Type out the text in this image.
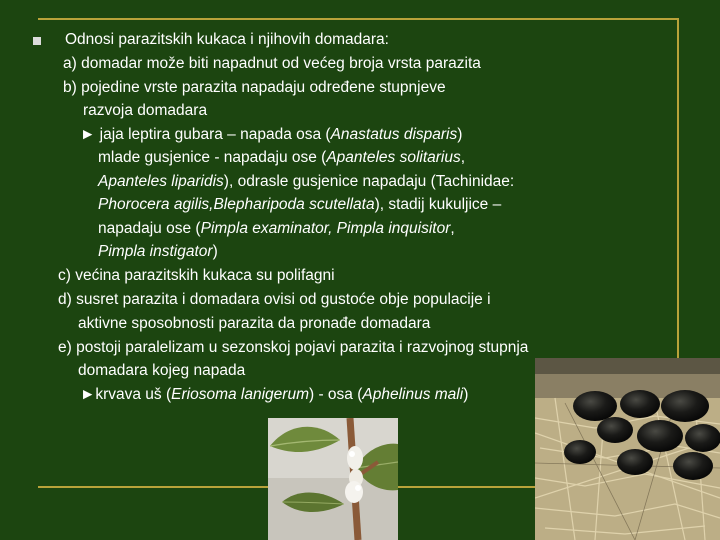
Odnosi parazitskih kukaca i njihovih domadara:
a) domadar može biti napadnut od većeg broja vrsta parazita
b) pojedine vrste parazita napadaju određene stupnjeve
razvoja domadara
► jaja leptira gubara – napada osa (Anastatus disparis)
mlade gusjenice - napadaju ose (Apanteles solitarius,
Apanteles liparidis), odrasle gusjenice napadaju (Tachinidae:
Phorocera agilis,Blepharipoda scutellata), stadij kukuljice –
napadaju ose (Pimpla examinator, Pimpla inquisitor,
Pimpla instigator)
c) većina parazitskih kukaca su polifagni
d) susret parazita i domadara ovisi od gustoće obje populacije i
aktivne sposobnosti parazita da pronađe domadara
e) postoji paralelizam u sezonskoj pojavi parazita i razvojnog stupnja
domadara kojeg napada
►krvava uš (Eriosoma lanigerum) - osa (Aphelinus mali)
